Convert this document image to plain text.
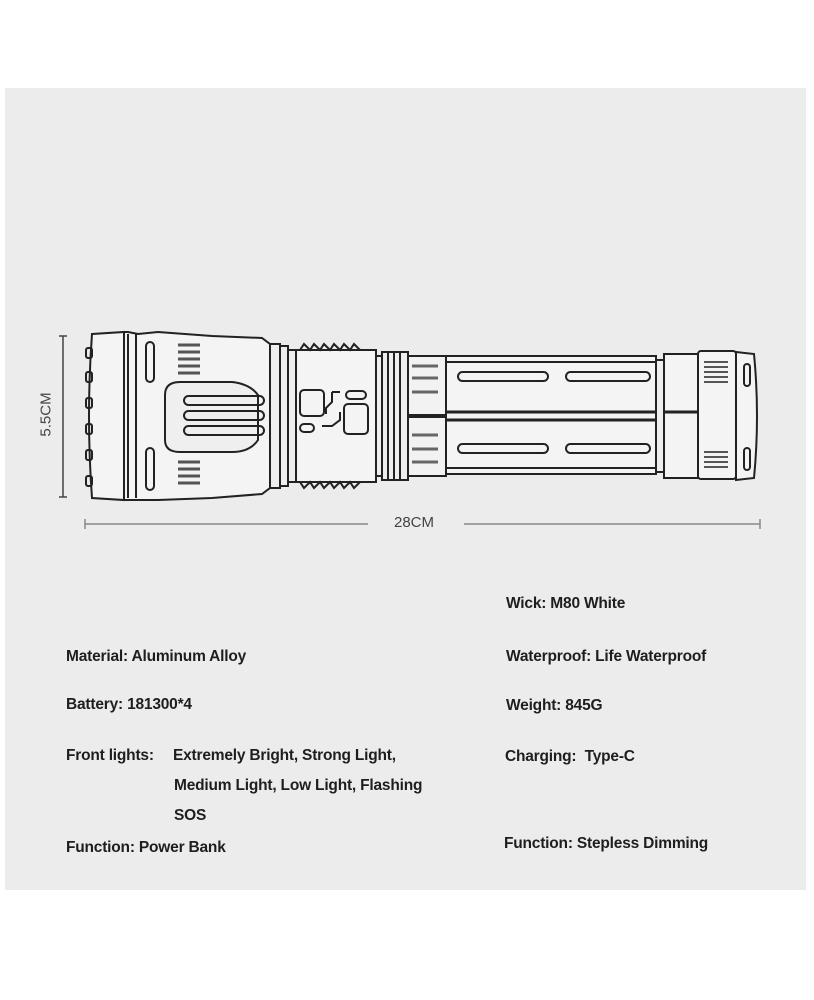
5.5CM
28CM
Wick: M80 White
Material: Aluminum Alloy	Waterproof: Life Waterproof
Battery: 181300*4	Weight: 845G
Front lights: Extremely Bright, Strong Light,
Medium Light, Low Light, Flashing
SOS
Charging:  Type-C
Function: Power Bank	Function: Stepless Dimming
